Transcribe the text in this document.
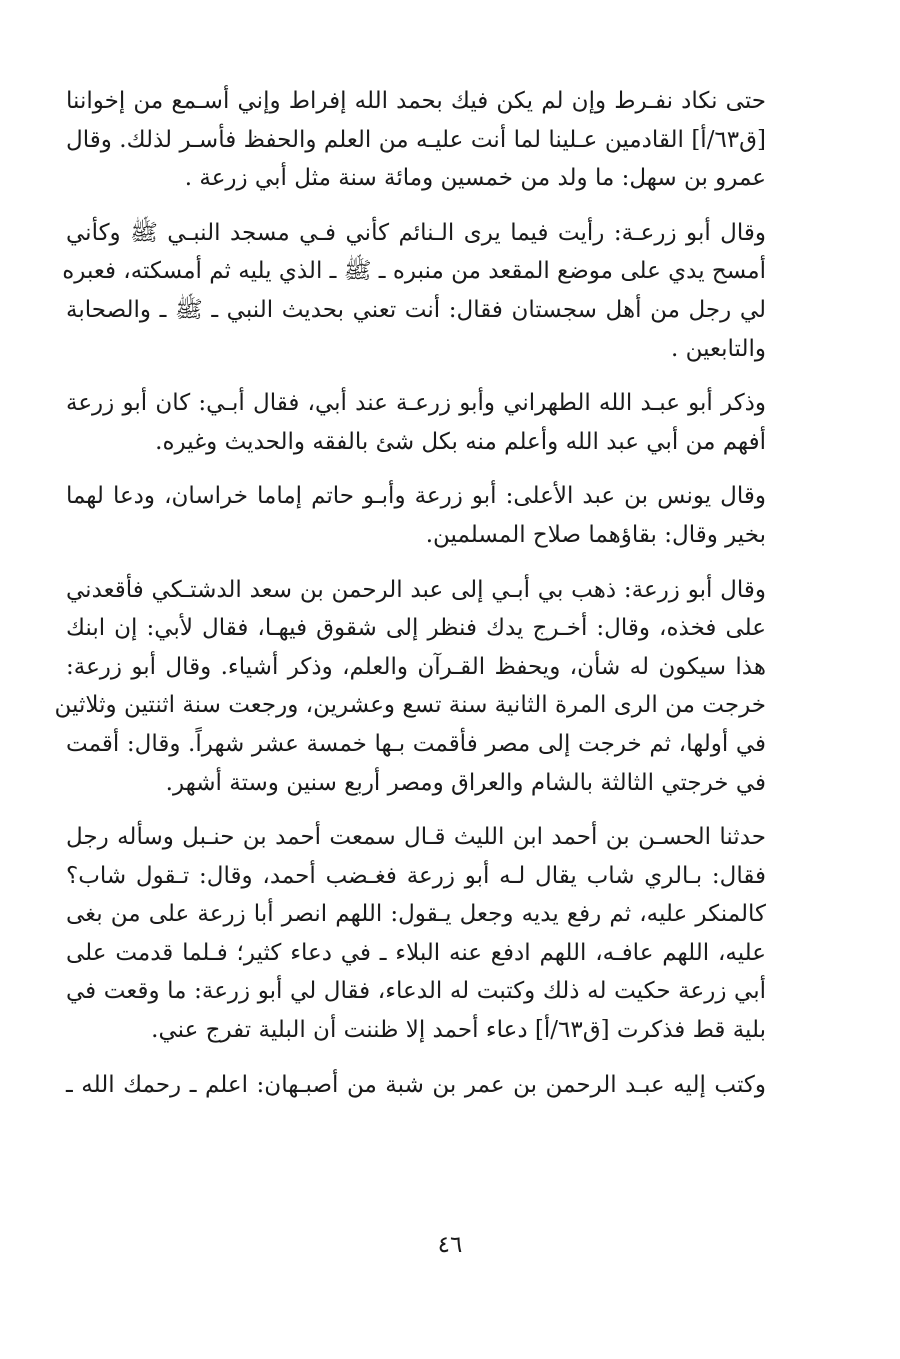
حتى نكاد نفـرط وإن لم يكن فيك بحمد الله إفراط وإني أسـمع من إخواننا
[ق٦٣/أ] القادمين عـلينا لما أنت عليـه من العلم والحفظ فأسـر لذلك. وقال
عمرو بن سهل: ما ولد من خمسين ومائة سنة مثل أبي زرعة .
وقال أبو زرعـة: رأيت فيما يرى الـنائم كأني فـي مسجد النبـي ﷺ وكأني
أمسح يدي على موضع المقعد من منبره ـ ﷺ ـ الذي يليه ثم أمسكته، فعبره
لي رجل من أهل سجستان فقال: أنت تعني بحديث النبي ـ ﷺ ـ والصحابة
والتابعين .
وذكر أبو عبـد الله الطهراني وأبو زرعـة عند أبي، فقال أبـي: كان أبو زرعة
أفهم من أبي عبد الله وأعلم منه بكل شئ بالفقه والحديث وغيره.
وقال يونس بن عبد الأعلى: أبو زرعة وأبـو حاتم إماما خراسان، ودعا لهما
بخير وقال: بقاؤهما صلاح المسلمين.
وقال أبو زرعة: ذهب بي أبـي إلى عبد الرحمن بن سعد الدشتـكي فأقعدني
على فخذه، وقال: أخـرج يدك فنظر إلى شقوق فيهـا، فقال لأبي: إن ابنك
هذا سيكون له شأن، ويحفظ القـرآن والعلم، وذكر أشياء. وقال أبو زرعة:
خرجت من الرى المرة الثانية سنة تسع وعشرين، ورجعت سنة اثنتين وثلاثين
في أولها، ثم خرجت إلى مصر فأقمت بـها خمسة عشر شهراً. وقال: أقمت
في خرجتي الثالثة بالشام والعراق ومصر أربع سنين وستة أشهر.
حدثنا الحسـن بن أحمد ابن الليث قـال سمعت أحمد بن حنـبل وسأله رجل
فقال: بـالري شاب يقال لـه أبو زرعة فغـضب أحمد، وقال: تـقول شاب؟
كالمنكر عليه، ثم رفع يديه وجعل يـقول: اللهم انصر أبا زرعة على من بغى
عليه، اللهم عافـه، اللهم ادفع عنه البلاء ـ في دعاء كثير؛ فـلما قدمت على
أبي زرعة حكيت له ذلك وكتبت له الدعاء، فقال لي أبو زرعة: ما وقعت في
بلية قط فذكرت [ق٦٣/أ] دعاء أحمد إلا ظننت أن البلية تفرج عني.
وكتب إليه عبـد الرحمن بن عمر بن شبة من أصبـهان: اعلم ـ رحمك الله ـ
٤٦
